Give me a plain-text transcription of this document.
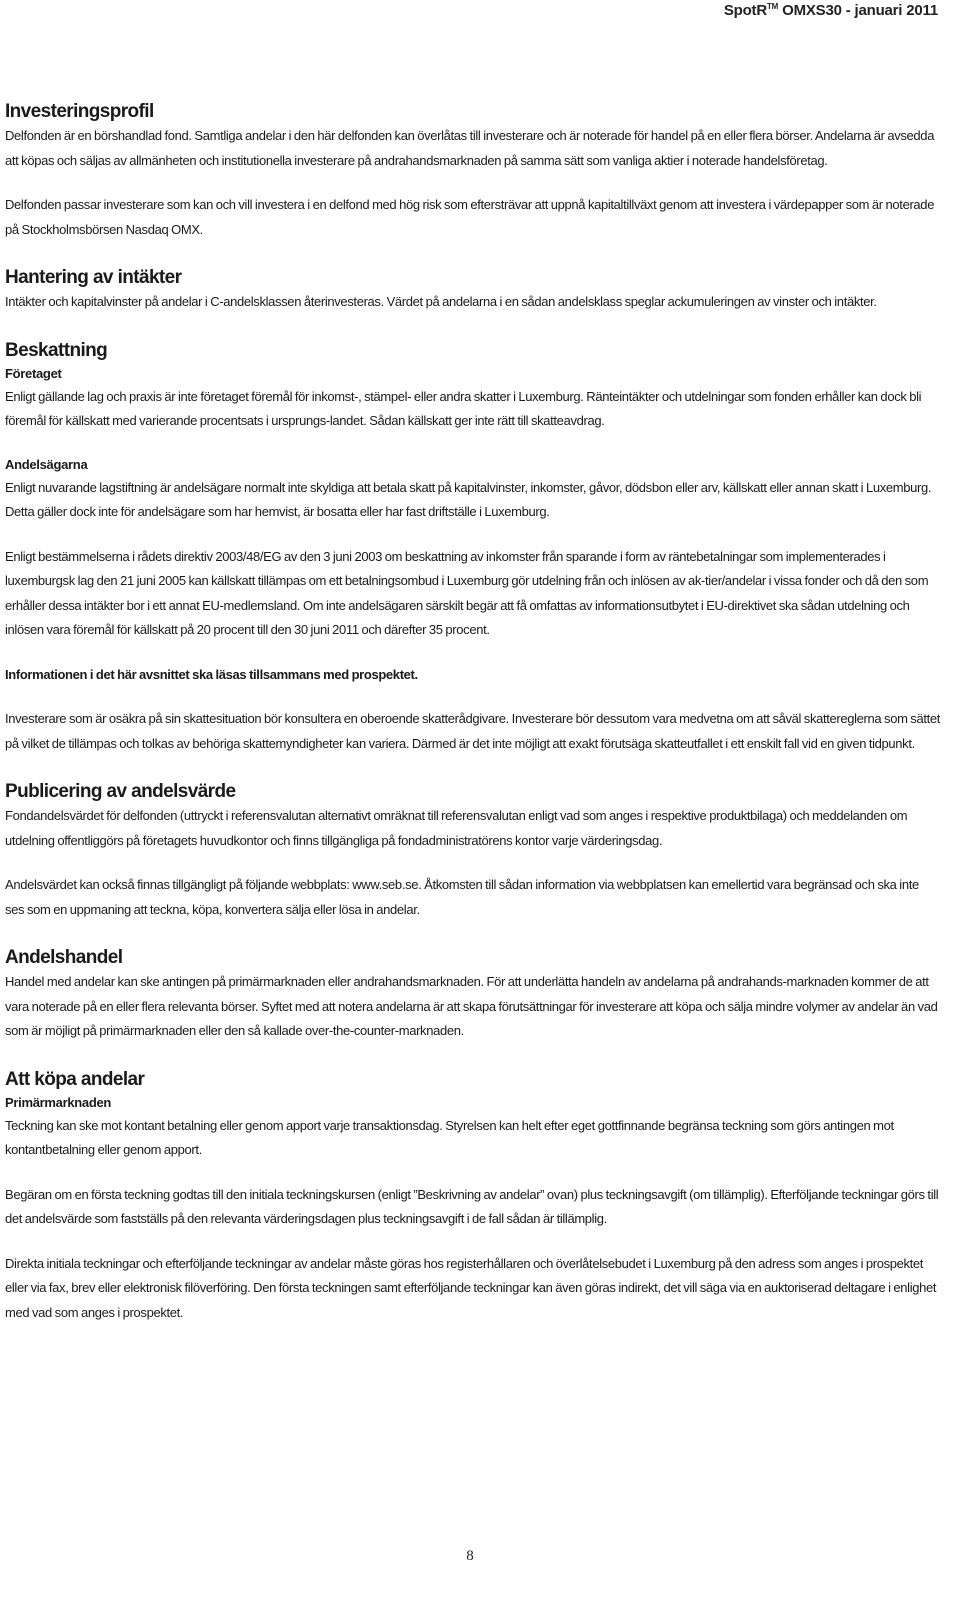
SpotR™ OMXS30 - januari 2011
Investeringsprofil

Delfonden är en börshandlad fond. Samtliga andelar i den här delfonden kan överlåtas till investerare och är noterade för handel på en eller flera börser. Andelarna är avsedda att köpas och säljas av allmänheten och institutionella investerare på andrahandsmarknaden på samma sätt som vanliga aktier i noterade handelsföretag.

Delfonden passar investerare som kan och vill investera i en delfond med hög risk som eftersträvar att uppnå kapitaltillväxt genom att investera i värdepapper som är noterade på Stockholmsbörsen Nasdaq OMX.

Hantering av intäkter

Intäkter och kapitalvinster på andelar i C-andelsklassen återinvesteras. Värdet på andelarna i en sådan andelsklass speglar ackumuleringen av vinster och intäkter.

Beskattning
Företaget

Enligt gällande lag och praxis är inte företaget föremål för inkomst-, stämpel- eller andra skatter i Luxemburg. Ränteintäkter och utdelningar som fonden erhåller kan dock bli föremål för källskatt med varierande procentsats i ursprungs-landet. Sådan källskatt ger inte rätt till skatteavdrag.

Andelsägarna

Enligt nuvarande lagstiftning är andelsägare normalt inte skyldiga att betala skatt på kapitalvinster, inkomster, gåvor, dödsbon eller arv, källskatt eller annan skatt i Luxemburg. Detta gäller dock inte för andelsägare som har hemvist, är bosatta eller har fast driftställe i Luxemburg.

Enligt bestämmelserna i rådets direktiv 2003/48/EG av den 3 juni 2003 om beskattning av inkomster från sparande i form av räntebetalningar som implementerades i luxemburgsk lag den 21 juni 2005 kan källskatt tillämpas om ett betalningsombud i Luxemburg gör utdelning från och inlösen av ak-tier/andelar i vissa fonder och då den som erhåller dessa intäkter bor i ett annat EU-medlemsland. Om inte andelsägaren särskilt begär att få omfattas av informationsutbytet i EU-direktivet ska sådan utdelning och inlösen vara föremål för källskatt på 20 procent till den 30 juni 2011 och därefter 35 procent.

Informationen i det här avsnittet ska läsas tillsammans med prospektet.

Investerare som är osäkra på sin skattesituation bör konsultera en oberoende skatterådgivare. Investerare bör dessutom vara medvetna om att såväl skattereglerna som sättet på vilket de tillämpas och tolkas av behöriga skattemyndigheter kan variera. Därmed är det inte möjligt att exakt förutsäga skatteutfallet i ett enskilt fall vid en given tidpunkt.

Publicering av andelsvärde

Fondandelsvärdet för delfonden (uttryckt i referensvalutan alternativt omräknat till referensvalutan enligt vad som anges i respektive produktbilaga) och meddelanden om utdelning offentliggörs på företagets huvudkontor och finns tillgängliga på fondadministratörens kontor varje värderingsdag.

Andelsvärdet kan också finnas tillgängligt på följande webbplats: www.seb.se. Åtkomsten till sådan information via webbplatsen kan emellertid vara begränsad och ska inte ses som en uppmaning att teckna, köpa, konvertera sälja eller lösa in andelar.

Andelshandel

Handel med andelar kan ske antingen på primärmarknaden eller andrahandsmarknaden. För att underlätta handeln av andelarna på andrahands-marknaden kommer de att vara noterade på en eller flera relevanta börser. Syftet med att notera andelarna är att skapa förutsättningar för investerare att köpa och sälja mindre volymer av andelar än vad som är möjligt på primärmarknaden eller den så kallade over-the-counter-marknaden.

Att köpa andelar
Primärmarknaden

Teckning kan ske mot kontant betalning eller genom apport varje transaktionsdag. Styrelsen kan helt efter eget gottfinnande begränsa teckning som görs antingen mot kontantbetalning eller genom apport.

Begäran om en första teckning godtas till den initiala teckningskursen (enligt ”Beskrivning av andelar” ovan) plus teckningsavgift (om tillämplig). Efterföljande teckningar görs till det andelsvärde som fastställs på den relevanta värderingsdagen plus teckningsavgift i de fall sådan är tillämplig.

Direkta initiala teckningar och efterföljande teckningar av andelar måste göras hos registerhållaren och överlåtelsebudet i Luxemburg på den adress som anges i prospektet eller via fax, brev eller elektronisk filöverföring. Den första teckningen samt efterföljande teckningar kan även göras indirekt, det vill säga via en auktoriserad deltagare i enlighet med vad som anges i prospektet.

8
